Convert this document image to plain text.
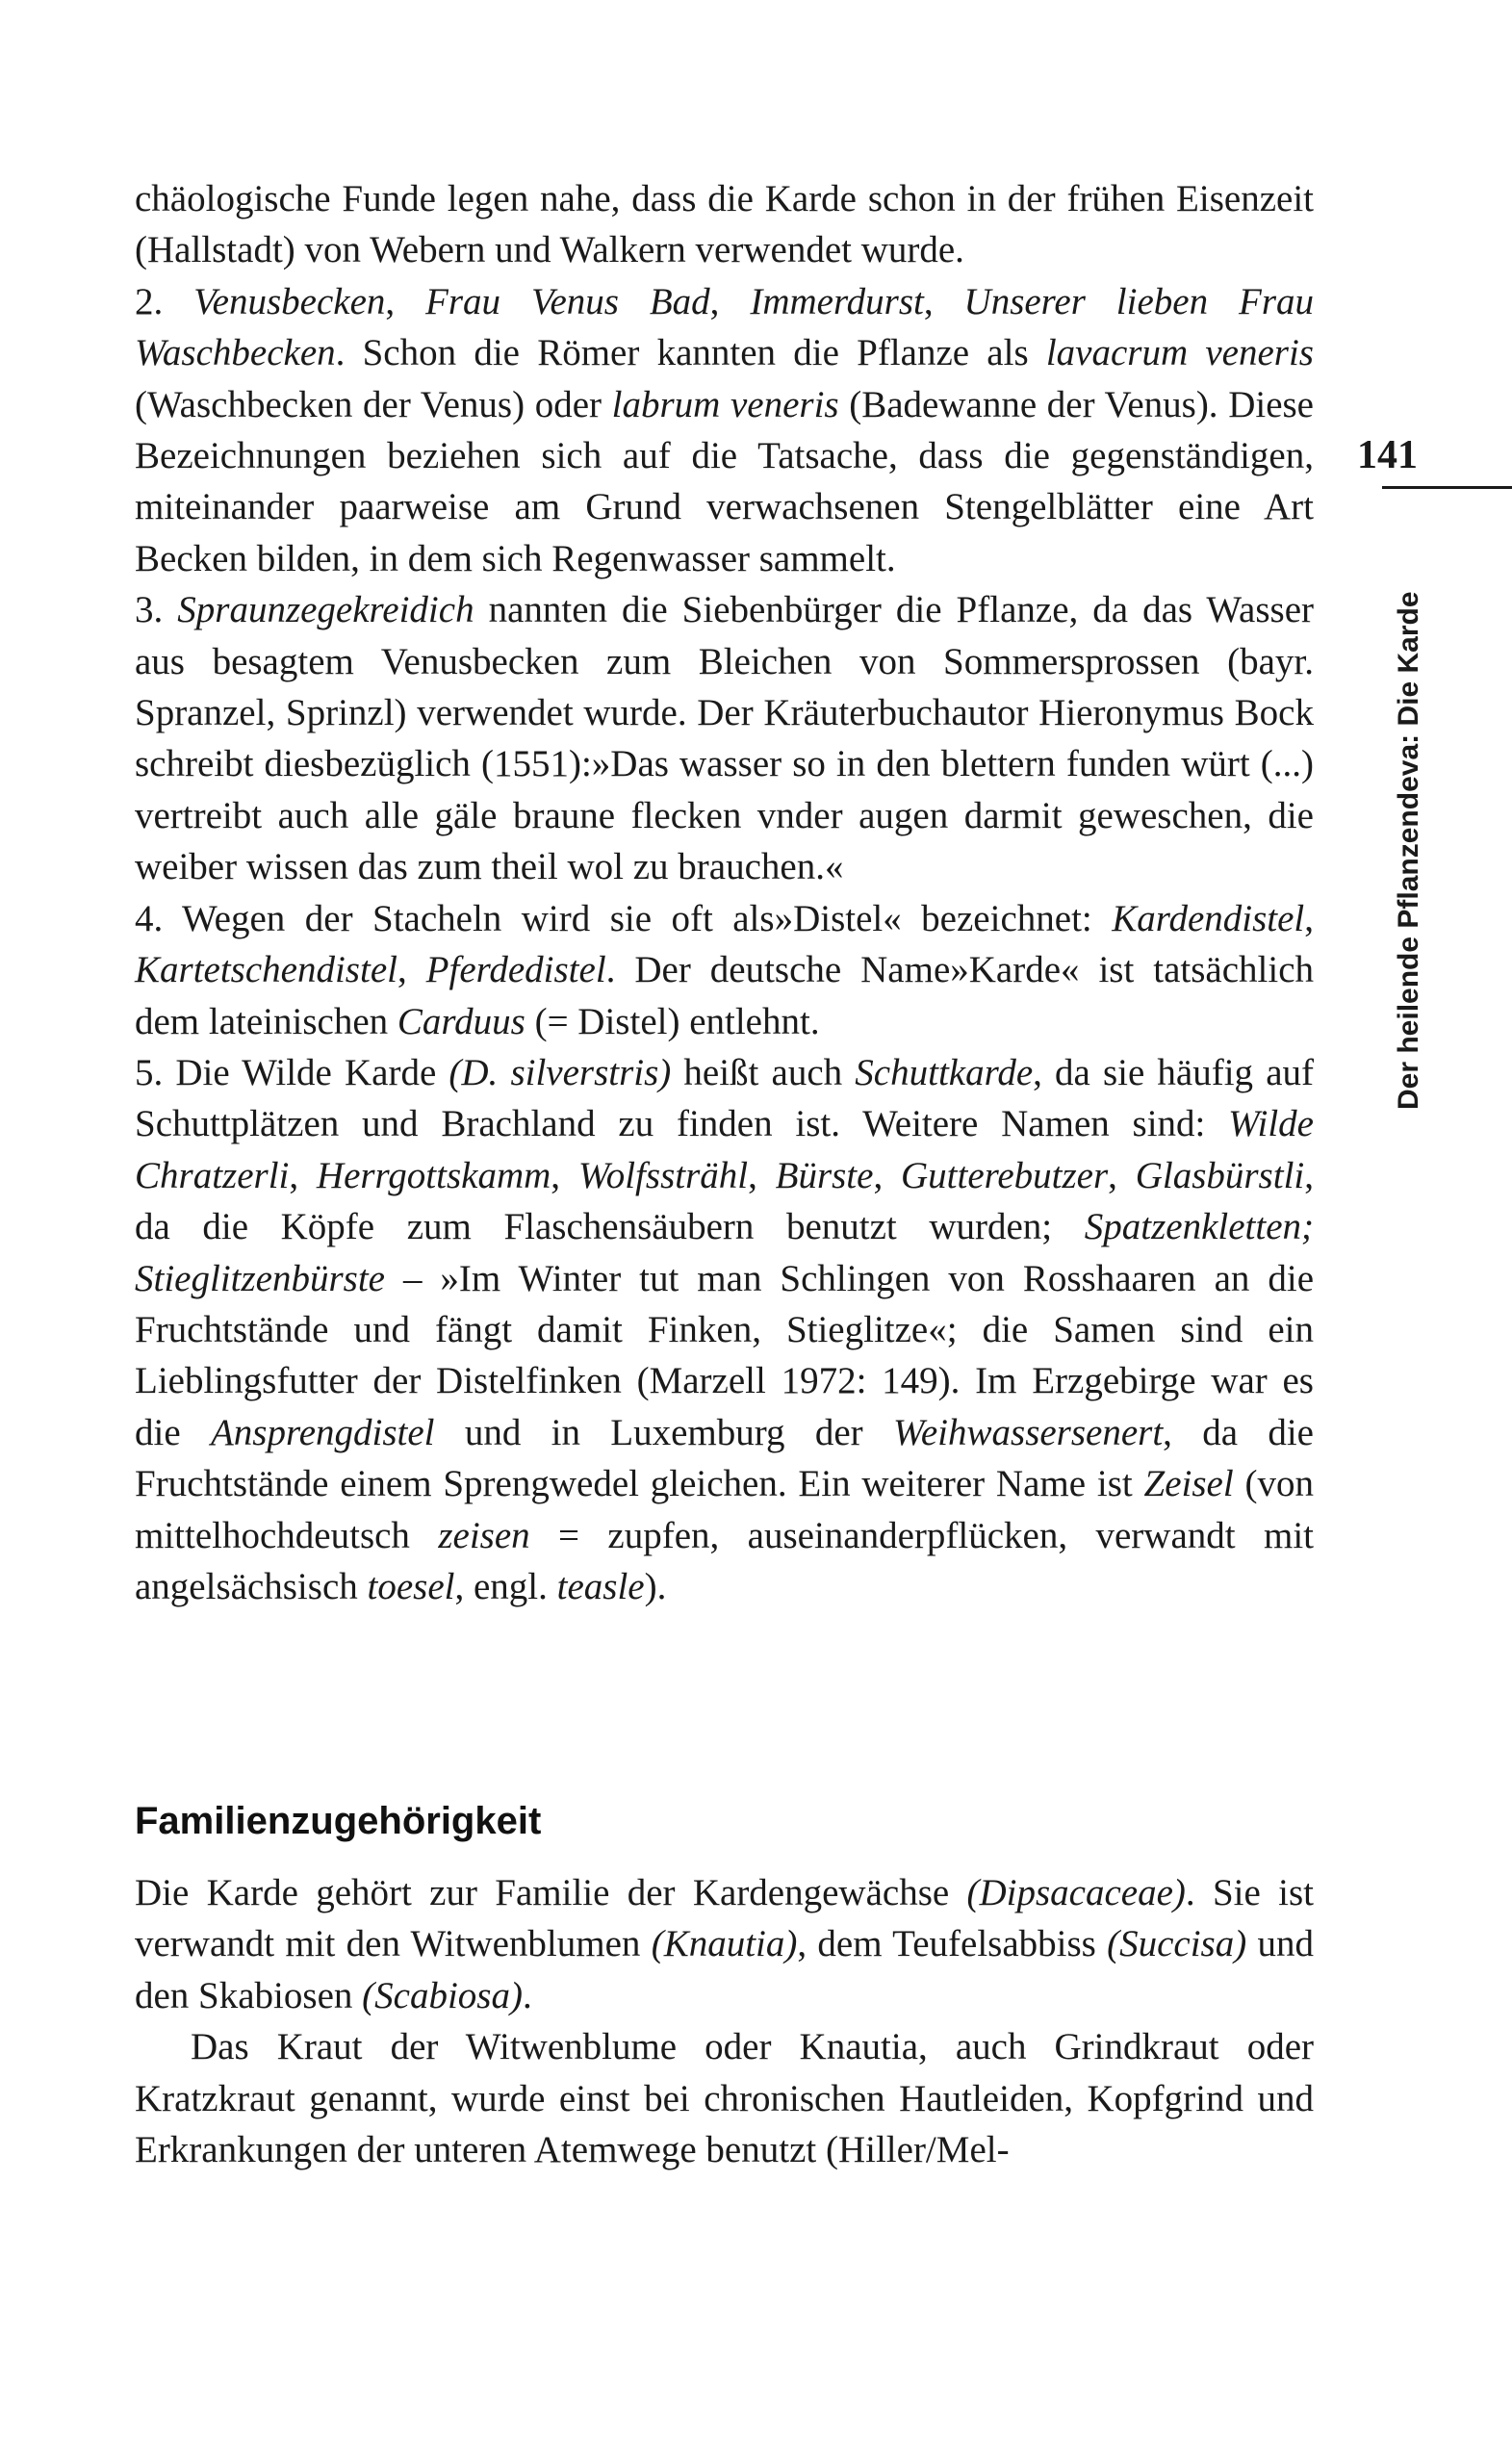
chäologische Funde legen nahe, dass die Karde schon in der frühen Eisenzeit (Hallstadt) von Webern und Walkern verwendet wurde.

2. Venusbecken, Frau Venus Bad, Immerdurst, Unserer lieben Frau Waschbecken. Schon die Römer kannten die Pflanze als lavacrum veneris (Waschbecken der Venus) oder labrum veneris (Badewanne der Venus). Diese Bezeichnungen beziehen sich auf die Tatsache, dass die gegenständigen, miteinander paarweise am Grund verwachsenen Stengelblätter eine Art Becken bilden, in dem sich Regenwasser sammelt.

3. Spraunzegekreidich nannten die Siebenbürger die Pflanze, da das Wasser aus besagtem Venusbecken zum Bleichen von Sommersprossen (bayr. Spranzel, Sprinzl) verwendet wurde. Der Kräuterbuchautor Hieronymus Bock schreibt diesbezüglich (1551):»Das wasser so in den blettern funden würt (...) vertreibt auch alle gäle braune flecken vnder augen darmit geweschen, die weiber wissen das zum theil wol zu brauchen.«

4. Wegen der Stacheln wird sie oft als»Distel« bezeichnet: Kardendistel, Kartetschendistel, Pferdedistel. Der deutsche Name»Karde« ist tatsächlich dem lateinischen Carduus (= Distel) entlehnt.

5. Die Wilde Karde (D. silverstris) heißt auch Schuttkarde, da sie häufig auf Schuttplätzen und Brachland zu finden ist. Weitere Namen sind: Wilde Chratzerli, Herrgottskamm, Wolfssträhl, Bürste, Gutterebutzer, Glasbürstli, da die Köpfe zum Flaschensäubern benutzt wurden; Spatzenkletten; Stieglitzenbürste – »Im Winter tut man Schlingen von Rosshaaren an die Fruchtstände und fängt damit Finken, Stieglitze«; die Samen sind ein Lieblingsfutter der Distelfinken (Marzell 1972: 149). Im Erzgebirge war es die Ansprengdistel und in Luxemburg der Weihwassersenert, da die Fruchtstände einem Sprengwedel gleichen. Ein weiterer Name ist Zeisel (von mittelhochdeutsch zeisen = zupfen, auseinanderpflücken, verwandt mit angelsächsisch toesel, engl. teasle).

Familienzugehörigkeit

Die Karde gehört zur Familie der Kardengewächse (Dipsacaceae). Sie ist verwandt mit den Witwenblumen (Knautia), dem Teufelsabbiss (Succisa) und den Skabiosen (Scabiosa).

Das Kraut der Witwenblume oder Knautia, auch Grindkraut oder Kratzkraut genannt, wurde einst bei chronischen Hautleiden, Kopfgrind und Erkrankungen der unteren Atemwege benutzt (Hiller/Mel-

141
Der heilende Pflanzendeva: Die Karde
